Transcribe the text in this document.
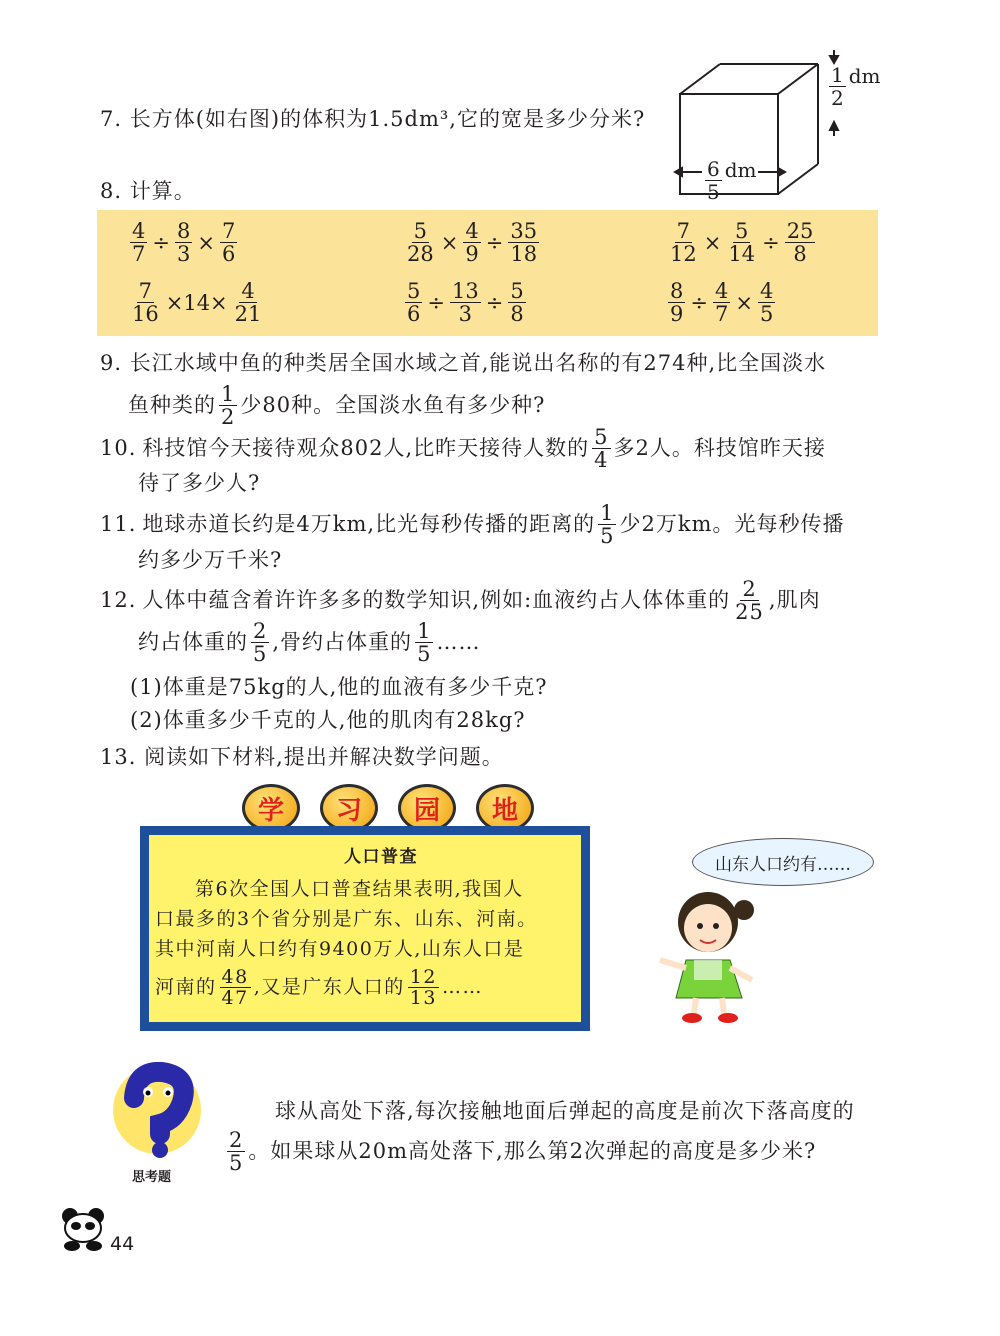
7. 长方体(如右图)的体积为1.5dm³,它的宽是多少分米?
$\frac{1}{2}$ dm
$\frac{6}{5}$ dm
8. 计算。
$\frac{4}{7} \div \frac{8}{3} \times \frac{7}{6}$	$\frac{5}{28} \times \frac{4}{9} \div \frac{35}{18}$	$\frac{7}{12} \times \frac{5}{14} \div \frac{25}{8}$
$\frac{7}{16} \times 14\times \frac{4}{21}$	$\frac{5}{6} \div \frac{13}{3} \div \frac{5}{8}$	$\frac{8}{9} \div \frac{4}{7} \times \frac{4}{5}$
9. 长江水域中鱼的种类居全国水域之首,能说出名称的有274种,比全国淡水
鱼种类的 $\frac{1}{2}$ 少80种。全国淡水鱼有多少种?
10. 科技馆今天接待观众802人,比昨天接待人数的 $\frac{5}{4}$ 多2人。科技馆昨天接
待了多少人?
11. 地球赤道长约是4万km,比光每秒传播的距离的 $\frac{1}{5}$ 少2万km。光每秒传播
约多少万千米?
12. 人体中蕴含着许许多多的数学知识,例如:血液约占人体体重的 $\frac{2}{25}$ ,肌肉
约占体重的 $\frac{2}{5}$ ,骨约占体重的 $\frac{1}{5}$ ……
(1)体重是75kg的人,他的血液有多少千克?
(2)体重多少千克的人,他的肌肉有28kg?
13. 阅读如下材料,提出并解决数学问题。
学	习	园	地
人口普查
第6次全国人口普查结果表明,我国人
口最多的3个省分别是广东、山东、河南。
其中河南人口约有9400万人,山东人口是
河南的 $\frac{48}{47}$ ,又是广东人口的 $\frac{12}{13}$ ……
山东人口约有……
思考题
球从高处下落,每次接触地面后弹起的高度是前次下落高度的
$\frac{2}{5}$ 。如果球从20m高处落下,那么第2次弹起的高度是多少米?
44
